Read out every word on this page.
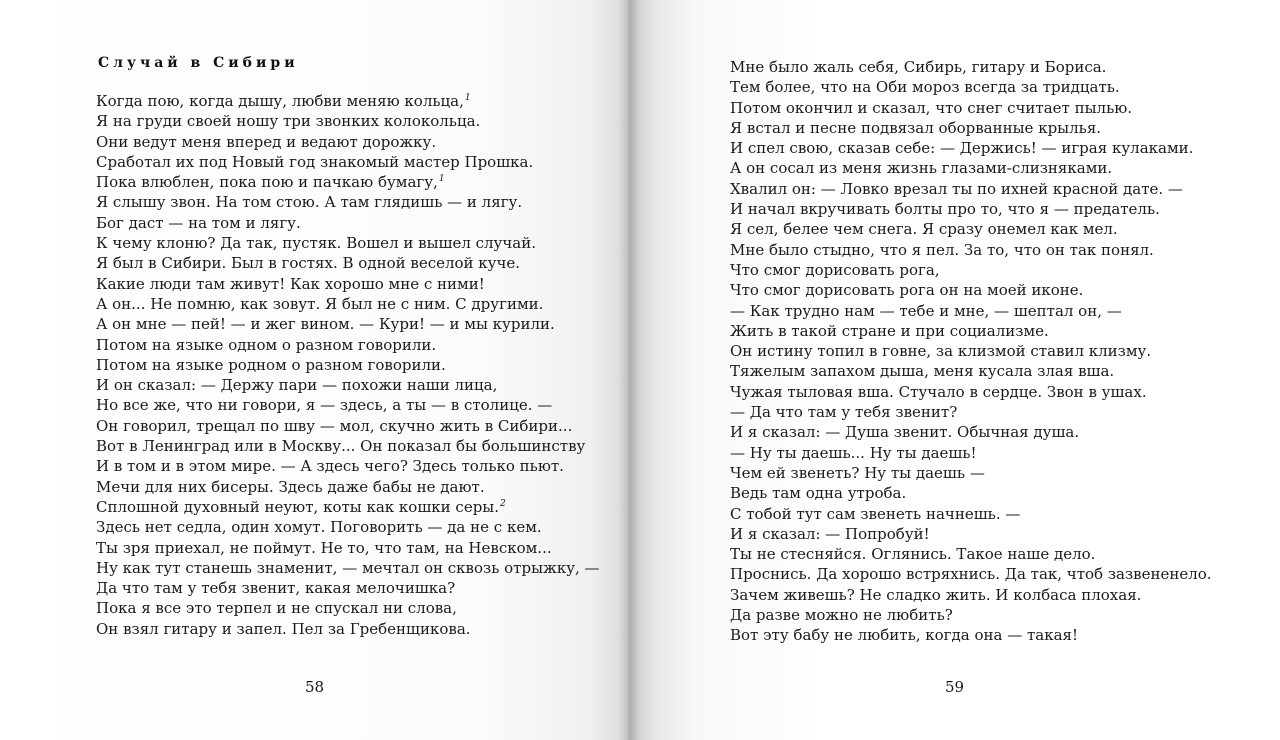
Случай в Сибири
Когда пою, когда дышу, любви меняю кольца,$^1$
Я на груди своей ношу три звонких колокольца.
Они ведут меня вперед и ведают дорожку.
Сработал их под Новый год знакомый мастер Прошка.
Пока влюблен, пока пою и пачкаю бумагу,$^1$
Я слышу звон. На том стою. А там глядишь — и лягу.
Бог даст — на том и лягу.
К чему клоню? Да так, пустяк. Вошел и вышел случай.
Я был в Сибири. Был в гостях. В одной веселой куче.
Какие люди там живут! Как хорошо мне с ними!
А он... Не помню, как зовут. Я был не с ним. С другими.
А он мне — пей! — и жег вином. — Кури! — и мы курили.
Потом на языке одном о разном говорили.
Потом на языке родном о разном говорили.
И он сказал: — Держу пари — похожи наши лица,
Но все же, что ни говори, я — здесь, а ты — в столице. —
Он говорил, трещал по шву — мол, скучно жить в Сибири...
Вот в Ленинград или в Москву... Он показал бы большинству
И в том и в этом мире. — А здесь чего? Здесь только пьют.
Мечи для них бисеры. Здесь даже бабы не дают.
Сплошной духовный неуют, коты как кошки серы.$^2$
Здесь нет седла, один хомут. Поговорить — да не с кем.
Ты зря приехал, не поймут. Не то, что там, на Невском...
Ну как тут станешь знаменит, — мечтал он сквозь отрыжку, —
Да что там у тебя звенит, какая мелочишка?
Пока я все это терпел и не спускал ни слова,
Он взял гитару и запел. Пел за Гребенщикова.

58

Мне было жаль себя, Сибирь, гитару и Бориса.
Тем более, что на Оби мороз всегда за тридцать.
Потом окончил и сказал, что снег считает пылью.
Я встал и песне подвязал оборванные крылья.
И спел свою, сказав себе: — Держись! — играя кулаками.
А он сосал из меня жизнь глазами-слизняками.
Хвалил он: — Ловко врезал ты по ихней красной дате. —
И начал вкручивать болты про то, что я — предатель.
Я сел, белее чем снега. Я сразу онемел как мел.
Мне было стыдно, что я пел. За то, что он так понял.
Что смог дорисовать рога,
Что смог дорисовать рога он на моей иконе.
— Как трудно нам — тебе и мне, — шептал он, —
Жить в такой стране и при социализме.
Он истину топил в говне, за клизмой ставил клизму.
Тяжелым запахом дыша, меня кусала злая вша.
Чужая тыловая вша. Стучало в сердце. Звон в ушах.
— Да что там у тебя звенит?
И я сказал: — Душа звенит. Обычная душа.
— Ну ты даешь... Ну ты даешь!
Чем ей звенеть? Ну ты даешь —
Ведь там одна утроба.
С тобой тут сам звенеть начнешь. —
И я сказал: — Попробуй!
Ты не стесняйся. Оглянись. Такое наше дело.
Проснись. Да хорошо встряхнись. Да так, чтоб зазвененело.
Зачем живешь? Не сладко жить. И колбаса плохая.
Да разве можно не любить?
Вот эту бабу не любить, когда она — такая!

59
